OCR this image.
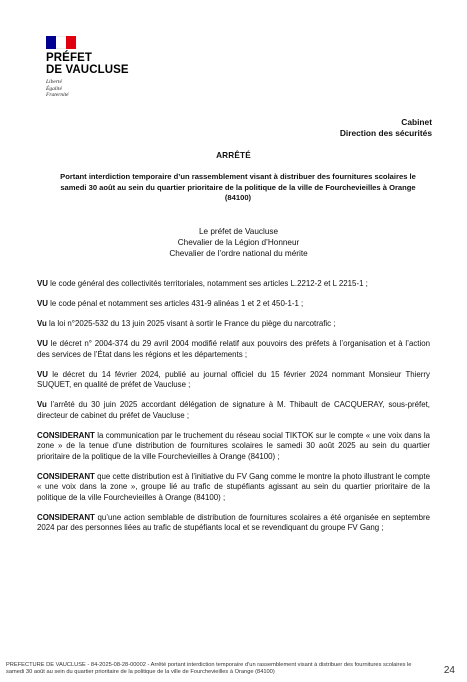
PRÉFET
DE VAUCLUSE
Liberté
Égalité
Fraternité
Cabinet
Direction des sécurités
ARRÊTÉ
Portant interdiction temporaire d’un rassemblement visant à distribuer des fournitures scolaires le samedi 30 août au sein du quartier prioritaire de la politique de la ville de Fourchevieilles à Orange (84100)
Le préfet de Vaucluse
Chevalier de la Légion d’Honneur
Chevalier de l’ordre national du mérite

VU le code général des collectivités territoriales, notamment ses articles L.2212-2 et L 2215-1 ;

VU le code pénal et notamment ses articles 431-9 alinéas 1 et 2 et 450-1-1 ;

Vu la loi n°2025-532 du 13 juin 2025 visant à sortir le France du piège du narcotrafic ;

VU le décret n° 2004-374 du 29 avril 2004 modifié relatif aux pouvoirs des préfets à l’organisation et à l’action des services de l’État dans les régions et les départements ;

VU le décret du 14 février 2024, publié au journal officiel du 15 février 2024 nommant Monsieur Thierry SUQUET, en qualité de préfet de Vaucluse ;

Vu l’arrêté du 30 juin 2025 accordant délégation de signature à M. Thibault de CACQUERAY, sous-préfet, directeur de cabinet du préfet de Vaucluse ;

CONSIDERANT la communication par le truchement du réseau social TIKTOK sur le compte « une voix dans la zone » de la tenue d’une distribution de fournitures scolaires le samedi 30 août 2025 au sein du quartier prioritaire de la politique de la ville Fourchevieilles à Orange (84100) ;

CONSIDERANT que cette distribution est à l’initiative du FV Gang comme le montre la photo illustrant le compte « une voix dans la zone », groupe lié au trafic de stupéfiants agissant au sein du quartier prioritaire de la politique de la ville Fourchevieilles à Orange (84100) ;

CONSIDERANT qu’une action semblable de distribution de fournitures scolaires a été organisée en septembre 2024 par des personnes liées au trafic de stupéfiants local et se revendiquant du groupe FV Gang ;

PREFECTURE DE VAUCLUSE - 84-2025-08-28-00002 - Arrêté portant interdiction temporaire d’un rassemblement visant à distribuer des fournitures scolaires le samedi 30 août au sein du quartier prioritaire de la politique de la ville de Fourchevieilles à Orange (84100)	24
